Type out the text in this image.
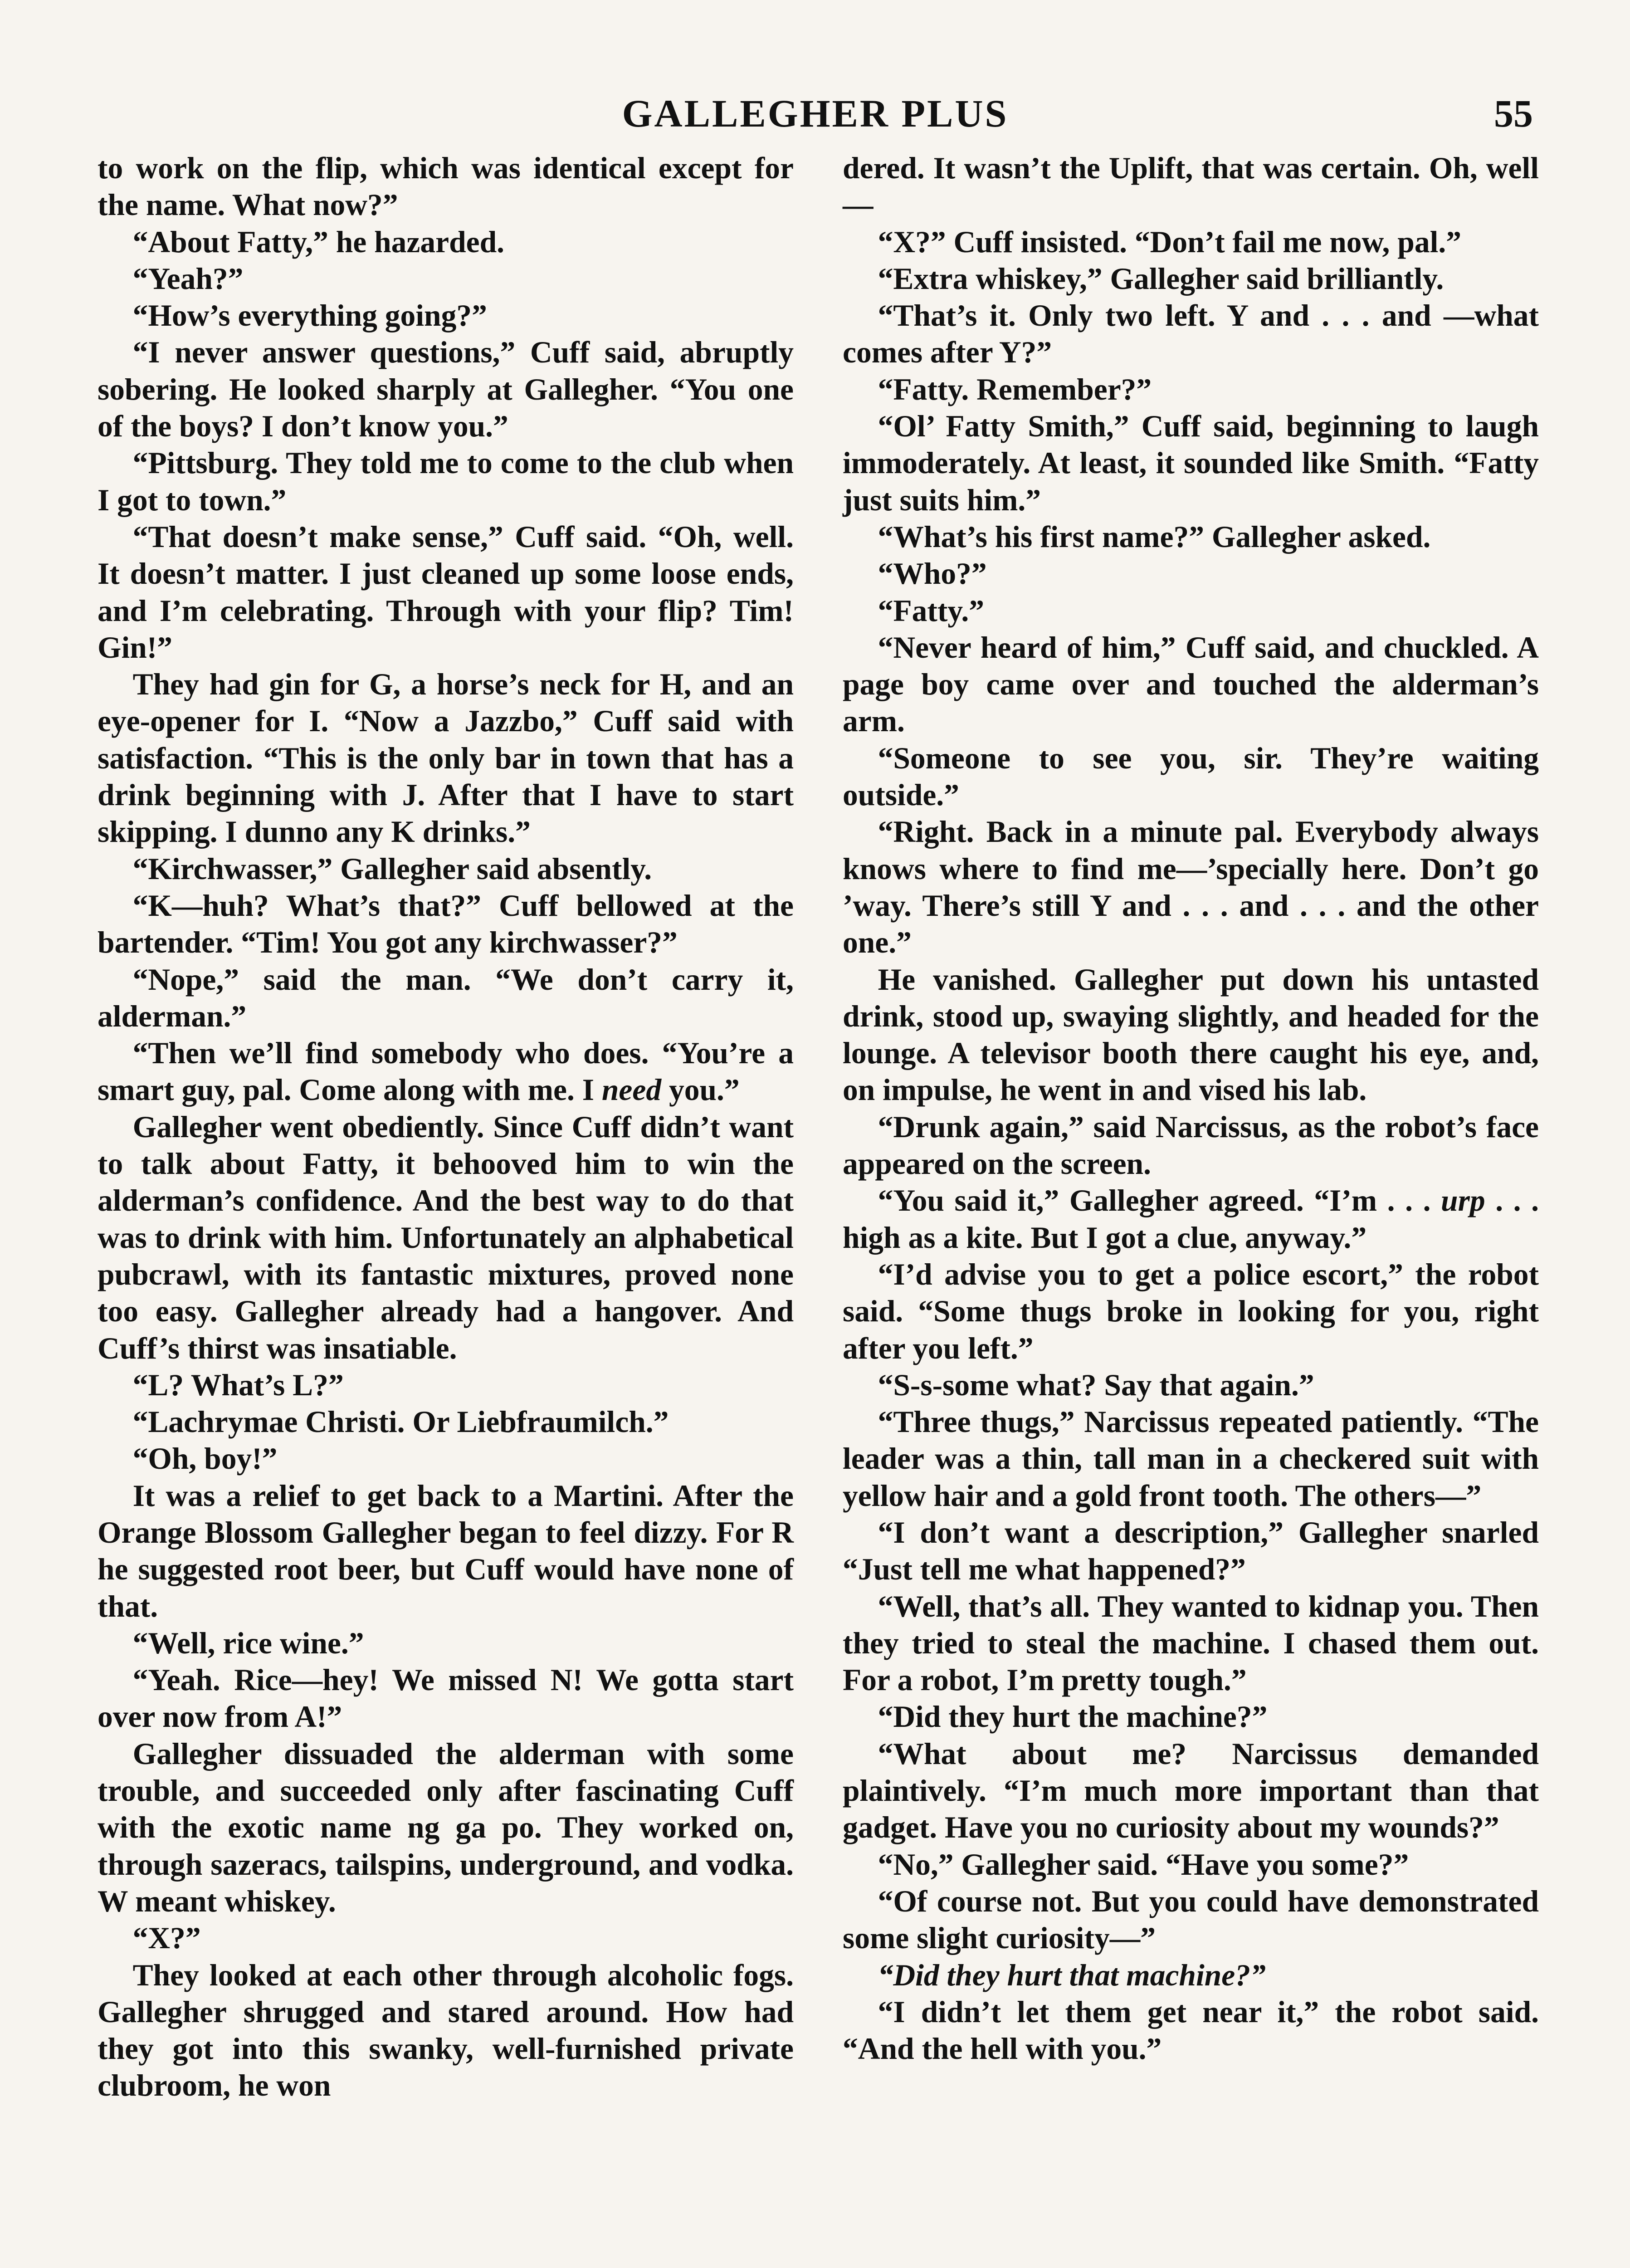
GALLEGHER PLUS	55

to work on the flip, which was identical except for the name. What now?”

“About Fatty,” he hazarded.

“Yeah?”

“How’s everything going?”

“I never answer questions,” Cuff said, abruptly sobering. He looked sharply at Gallegher. “You one of the boys? I don’t know you.”

“Pittsburg. They told me to come to the club when I got to town.”

“That doesn’t make sense,” Cuff said. “Oh, well. It doesn’t matter. I just cleaned up some loose ends, and I’m celebrating. Through with your flip? Tim! Gin!”

They had gin for G, a horse’s neck for H, and an eye-opener for I. “Now a Jazzbo,” Cuff said with satisfaction. “This is the only bar in town that has a drink beginning with J. After that I have to start skipping. I dunno any K drinks.”

“Kirchwasser,” Gallegher said absently.

“K—huh? What’s that?” Cuff bellowed at the bartender. “Tim! You got any kirchwasser?”

“Nope,” said the man. “We don’t carry it, alderman.”

“Then we’ll find somebody who does. “You’re a smart guy, pal. Come along with me. I need you.”

Gallegher went obediently. Since Cuff didn’t want to talk about Fatty, it behooved him to win the alderman’s confidence. And the best way to do that was to drink with him. Unfortunately an alphabetical pubcrawl, with its fantastic mixtures, proved none too easy. Gallegher already had a hangover. And Cuff’s thirst was insatiable.

“L? What’s L?”

“Lachrymae Christi. Or Liebfraumilch.”

“Oh, boy!”

It was a relief to get back to a Martini. After the Orange Blossom Gallegher began to feel dizzy. For R he suggested root beer, but Cuff would have none of that.

“Well, rice wine.”

“Yeah. Rice—hey! We missed N! We gotta start over now from A!”

Gallegher dissuaded the alderman with some trouble, and succeeded only after fascinating Cuff with the exotic name ng ga po. They worked on, through sazeracs, tailspins, underground, and vodka. W meant whiskey.

“X?”

They looked at each other through alcoholic fogs. Gallegher shrugged and stared around. How had they got into this swanky, well-furnished private clubroom, he won

dered. It wasn’t the Uplift, that was certain. Oh, well—

“X?” Cuff insisted. “Don’t fail me now, pal.”

“Extra whiskey,” Gallegher said brilliantly.

“That’s it. Only two left. Y and . . . and —what comes after Y?”

“Fatty. Remember?”

“Ol’ Fatty Smith,” Cuff said, beginning to laugh immoderately. At least, it sounded like Smith. “Fatty just suits him.”

“What’s his first name?” Gallegher asked.

“Who?”

“Fatty.”

“Never heard of him,” Cuff said, and chuckled. A page boy came over and touched the alderman’s arm.

“Someone to see you, sir. They’re waiting outside.”

“Right. Back in a minute pal. Everybody always knows where to find me—’specially here. Don’t go ’way. There’s still Y and . . . and . . . and the other one.”

He vanished. Gallegher put down his untasted drink, stood up, swaying slightly, and headed for the lounge. A televisor booth there caught his eye, and, on impulse, he went in and vised his lab.

“Drunk again,” said Narcissus, as the robot’s face appeared on the screen.

“You said it,” Gallegher agreed. “I’m . . . urp . . . high as a kite. But I got a clue, anyway.”

“I’d advise you to get a police escort,” the robot said. “Some thugs broke in looking for you, right after you left.”

“S-s-some what? Say that again.”

“Three thugs,” Narcissus repeated patiently. “The leader was a thin, tall man in a checkered suit with yellow hair and a gold front tooth. The others—”

“I don’t want a description,” Gallegher snarled “Just tell me what happened?”

“Well, that’s all. They wanted to kidnap you. Then they tried to steal the machine. I chased them out. For a robot, I’m pretty tough.”

“Did they hurt the machine?”

“What about me? Narcissus demanded plaintively. “I’m much more important than that gadget. Have you no curiosity about my wounds?”

“No,” Gallegher said. “Have you some?”

“Of course not. But you could have demonstrated some slight curiosity—”

“Did they hurt that machine?”

“I didn’t let them get near it,” the robot said. “And the hell with you.”
